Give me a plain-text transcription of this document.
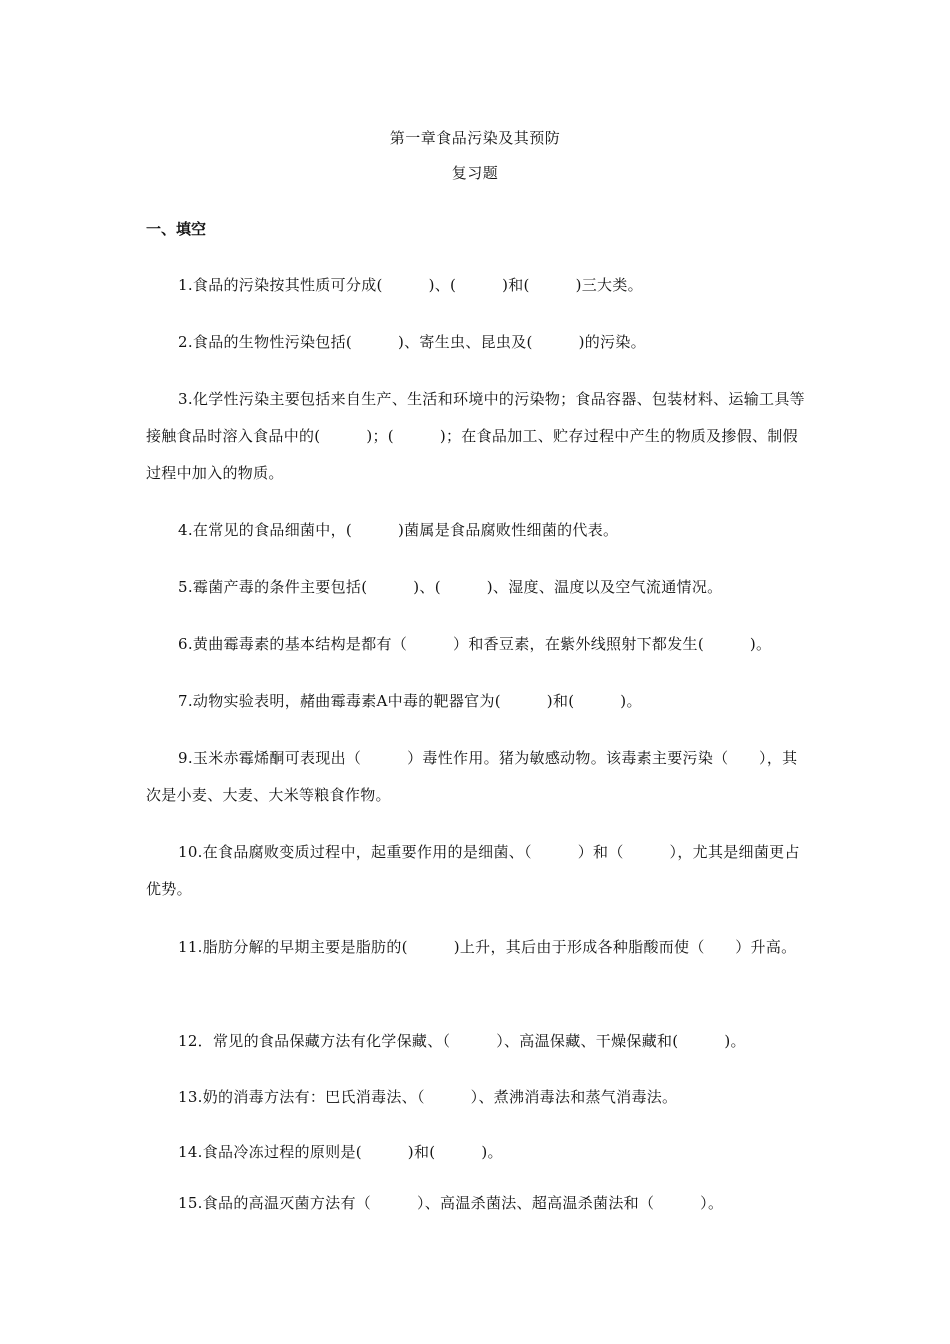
第一章食品污染及其预防
复习题
一、填空
1.食品的污染按其性质可分成(　　　)、(　　　)和(　　　)三大类。
2.食品的生物性污染包括(　　　)、寄生虫、昆虫及(　　　)的污染。
3.化学性污染主要包括来自生产、生活和环境中的污染物；食品容器、包装材料、运输工具等接触食品时溶入食品中的(　　　)；(　　　)；在食品加工、贮存过程中产生的物质及掺假、制假过程中加入的物质。
4.在常见的食品细菌中，(　　　)菌属是食品腐败性细菌的代表。
5.霉菌产毒的条件主要包括(　　　)、(　　　)、湿度、温度以及空气流通情况。
6.黄曲霉毒素的基本结构是都有（　　　）和香豆素，在紫外线照射下都发生(　　　)。
7.动物实验表明，赭曲霉毒素A中毒的靶器官为(　　　)和(　　　)。
9.玉米赤霉烯酮可表现出（　　　）毒性作用。猪为敏感动物。该毒素主要污染（　　），其次是小麦、大麦、大米等粮食作物。
10.在食品腐败变质过程中，起重要作用的是细菌、（　　　）和（　　　），尤其是细菌更占优势。
11.脂肪分解的早期主要是脂肪的(　　　)上升，其后由于形成各种脂酸而使（　　）升高。
12．常见的食品保藏方法有化学保藏、（　　　）、高温保藏、干燥保藏和(　　　)。
13.奶的消毒方法有：巴氏消毒法、（　　　）、煮沸消毒法和蒸气消毒法。
14.食品冷冻过程的原则是(　　　)和(　　　)。
15.食品的高温灭菌方法有（　　　）、高温杀菌法、超高温杀菌法和（　　　）。
